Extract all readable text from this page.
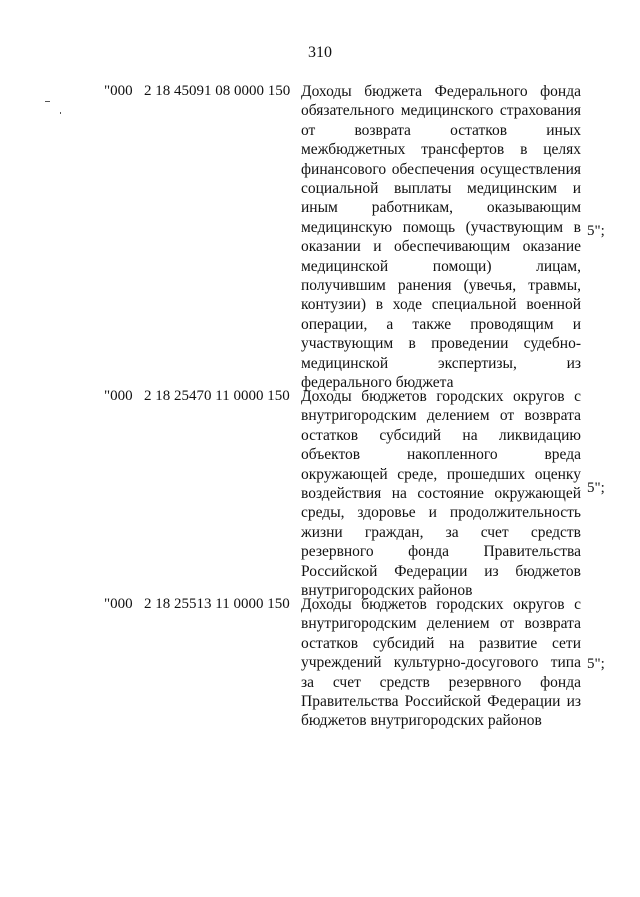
310
"000 2 18 45091 08 0000 150 Доходы бюджета Федерального фонда обязательного медицинского страхования от возврата остатков иных межбюджетных трансфертов в целях финансового обеспечения осуществления социальной выплаты медицинским и иным работникам, оказывающим медицинскую помощь (участвующим в оказании и обеспечивающим оказание медицинской помощи) лицам, получившим ранения (увечья, травмы, контузии) в ходе специальной военной операции, а также проводящим и участвующим в проведении судебно-медицинской экспертизы, из федерального бюджета
5";
"000 2 18 25470 11 0000 150 Доходы бюджетов городских округов с внутригородским делением от возврата остатков субсидий на ликвидацию объектов накопленного вреда окружающей среде, прошедших оценку воздействия на состояние окружающей среды, здоровье и продолжительность жизни граждан, за счет средств резервного фонда Правительства Российской Федерации из бюджетов внутригородских районов
5";
"000 2 18 25513 11 0000 150 Доходы бюджетов городских округов с внутригородским делением от возврата остатков субсидий на развитие сети учреждений культурно-досугового типа за счет средств резервного фонда Правительства Российской Федерации из бюджетов внутригородских районов
5";
